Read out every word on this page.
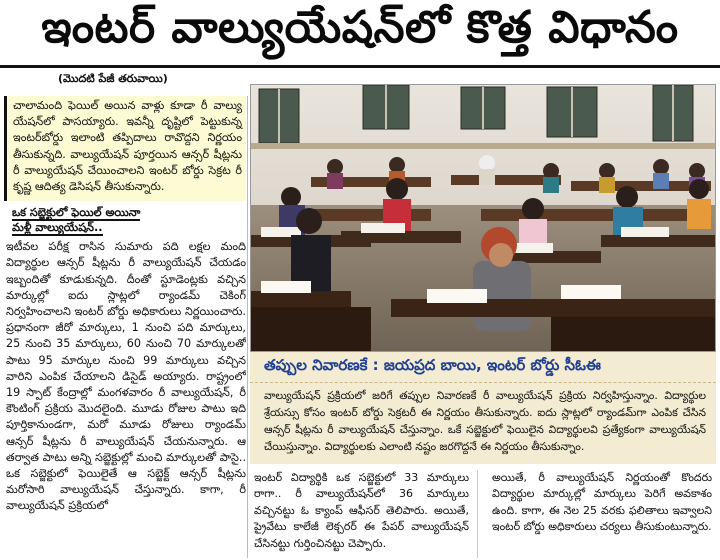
ఇంటర్ వాల్యుయేషన్‌లో కొత్త విధానం
(మొదటి పేజీ తరువాయి)

చాలామంది ఫెయిల్ అయిన వాళ్లు కూడా రీ వాల్యు యేషన్‌లో పాసయ్యారు. ఇవన్నీ దృష్టిలో పెట్టుకున్న ఇంటర్‌బోర్డు ఇలాంటి తప్పిదాలు రావొద్దని నిర్ణయం తీసుకున్నది. వాల్యుయేషన్ పూర్తయిన ఆన్సర్ షీట్లను రీ వాల్యుయేషన్ చేయించాలని ఇంటర్ బోర్డు సెక్రట రీ కృష్ణ ఆదిత్య డెసిషన్ తీసుకున్నారు.

ఒక సబ్జెక్టులో ఫెయిల్ అయినా
మళ్లీ వాల్యుయేషన్..

ఇటీవల పరీక్ష రాసిన సుమారు పది లక్షల మంది విద్యార్థుల ఆన్సర్ షీట్లను రీ వాల్యుయేషన్ చేయడం ఇబ్బందితో కూడుకున్నది. దీంతో స్టూడెంట్లకు వచ్చిన మార్కుల్లో ఐదు స్లాట్లలో ర్యాండమ్ చెకింగ్ నిర్వహించాలని ఇంటర్ బోర్డు అధికారులు నిర్ణయించారు. ప్రధానంగా జీరో మార్కులు, 1 నుంచి పది మార్కులు, 25 నుంచి 35 మార్కులు, 60 నుంచి 70 మార్కులతో పాటు 95 మార్కుల నుంచి 99 మార్కులు వచ్చిన వారిని ఎంపిక చేయాలని డిసైడ్ అయ్యారు. రాష్ట్రంలో 19 స్పాట్ కేంద్రాల్లో మంగళవారం రీ వాల్యుయేషన్, రీ కౌంటింగ్ ప్రక్రియ మొదలైంది. మూడు రోజుల పాటు ఇది పూర్తికానుండగా, మరో మూడు రోజులు ర్యాండమ్ ఆన్సర్ షీట్లను రీ వాల్యుయేషన్ చేయనున్నారు. ఆ తర్వాత పాటు అన్ని సబ్జెక్టుల్లో మంచి మార్కులతో పాసై.. ఒక సబ్జెక్టులో ఫెయిలైతే ఆ సబ్జెక్ట్ ఆన్సర్ షీట్లను మరోసారి వాల్యుయేషన్ చేస్తున్నారు. కాగా, రీ వాల్యుయేషన్ ప్రక్రియలో

తప్పుల నివారణకే : జయప్రద బాయి, ఇంటర్ బోర్డు సీఓఈ

వాల్యుయేషన్ ప్రక్రియలో జరిగే తప్పుల నివారణకే రీ వాల్యుయేషన్ ప్రక్రియ నిర్వహిస్తున్నాం. విద్యార్థుల శ్రేయస్సు కోసం ఇంటర్ బోర్డు సెక్రటరీ ఈ నిర్ణయం తీసుకున్నారు. ఐదు స్లాట్లలో ర్యాండమ్‌గా ఎంపిక చేసిన ఆన్సర్ షీట్లను రీ వాల్యుయేషన్ చేస్తున్నాం. ఒకే సబ్జెక్టులో ఫెయిలైన విద్యార్థులవి ప్రత్యేకంగా వాల్యుయేషన్ చేయిస్తున్నాం. విద్యార్థులకు ఎలాంటి నష్టం జరగొద్దనే ఈ నిర్ణయం తీసుకున్నాం.

ఇంటర్ విద్యార్థికి ఒక సబ్జెక్టులో 33 మార్కులు రాగా.. రీ వాల్యుయేషన్‌లో 36 మార్కులు వచ్చినట్టు ఓ క్యాంప్ ఆఫీసర్ తెలిపారు. అయితే, ప్రైవేటు కాలేజీ లెక్చరర్ ఈ పేపర్ వాల్యుయేషన్ చేసినట్టు గుర్తించినట్టు చెప్పారు.

అయితే, రీ వాల్యుయేషన్ నిర్ణయంతో కొందరు విద్యార్థుల మార్కుల్లో మార్కులు పెరిగే అవకాశం ఉంది. కాగా, ఈ నెల 25 వరకు ఫలితాలు ఇవ్వాలని ఇంటర్ బోర్డు అధికారులు చర్యలు తీసుకుంటున్నారు.
